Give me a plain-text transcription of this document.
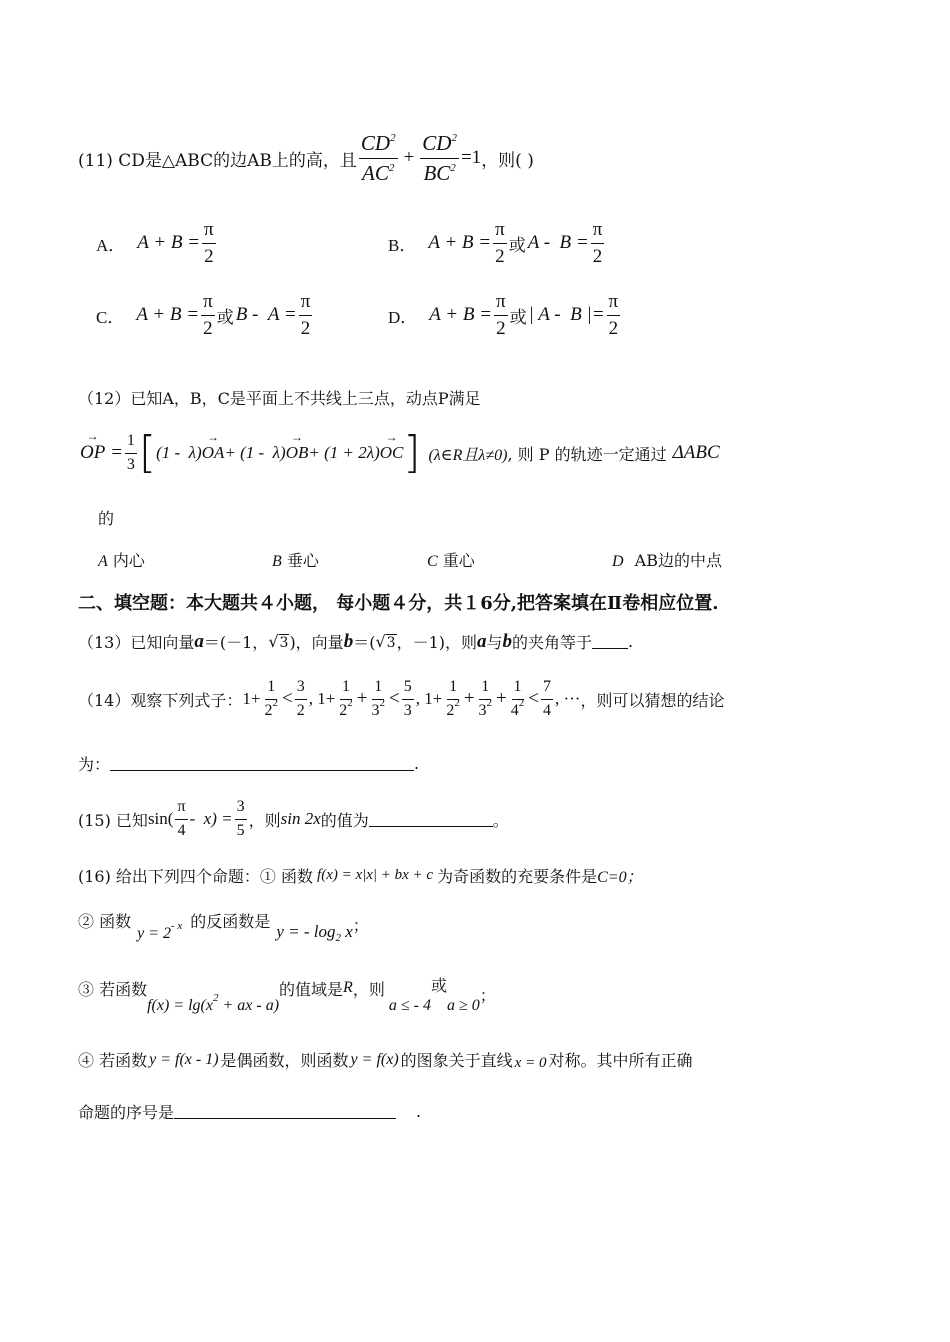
(11) CD是△ABC的边AB上的高，且 $\frac{CD^2}{AC^2} + \frac{CD^2}{BC^2} =1$ ，则( )
A． $A + B = \frac{\pi}{2}$	B． $A + B = \frac{\pi}{2}$ 或 $A - B = \frac{\pi}{2}$
C． $A + B = \frac{\pi}{2}$ 或 $B - A = \frac{\pi}{2}$	D． $A + B = \frac{\pi}{2}$ 或 | A -  B |= $\frac{\pi}{2}$
（12）已知A，B，C是平面上不共线上三点，动点P满足
→ OP = $\frac{1}{3}$ [ (1 -  λ)→ OA+ (1 -  λ)→ OB+ (1 + 2λ)→ OC ] (λ∈R且λ≠0) , 则 P 的轨迹一定通过 ΔABC
的
A 内心	B 垂心	C 重心	D AB边的中点
二、填空题：本大题共４小题， 每小题４分，共１6分,把答案填在Ⅱ卷相应位置.
（13）已知向量 a ＝(－1， √3 )，向量 b ＝( √3 ，－1)，则 a 与 b 的夹角等于 .
（14）观察下列式子： $1+ \frac{1}{2^2} < \frac{3}{2}$ , $1+ \frac{1}{2^2} + \frac{1}{3^2} < \frac{5}{3}$ , $1+ \frac{1}{2^2} + \frac{1}{3^2} + \frac{1}{4^2} < \frac{7}{4}$ , ··· ，则可以猜想的结论
为：	.
(15) 已知 $\sin( \frac{\pi}{4} - x) = \frac{3}{5}$ ，则 sin 2x 的值为	。
(16) 给出下列四个命题：① 函数 f(x) = x|x| + bx + c 为奇函数的充要条件是 C=0；
② 函数
$y = 2^{- x}$ 的反函数是
y = - $\log_2 x$ ；
③ 若函数
$f(x) = \lg(x^2$ + ax - a)
的值域是 R ，则
a ≤ - 4
或
a ≥ 0
；
④ 若函数 y = f(x - 1) 是偶函数，则函数 y = f(x) 的图象关于直线 x = 0 对称。其中所有正确
命题的序号是	.
